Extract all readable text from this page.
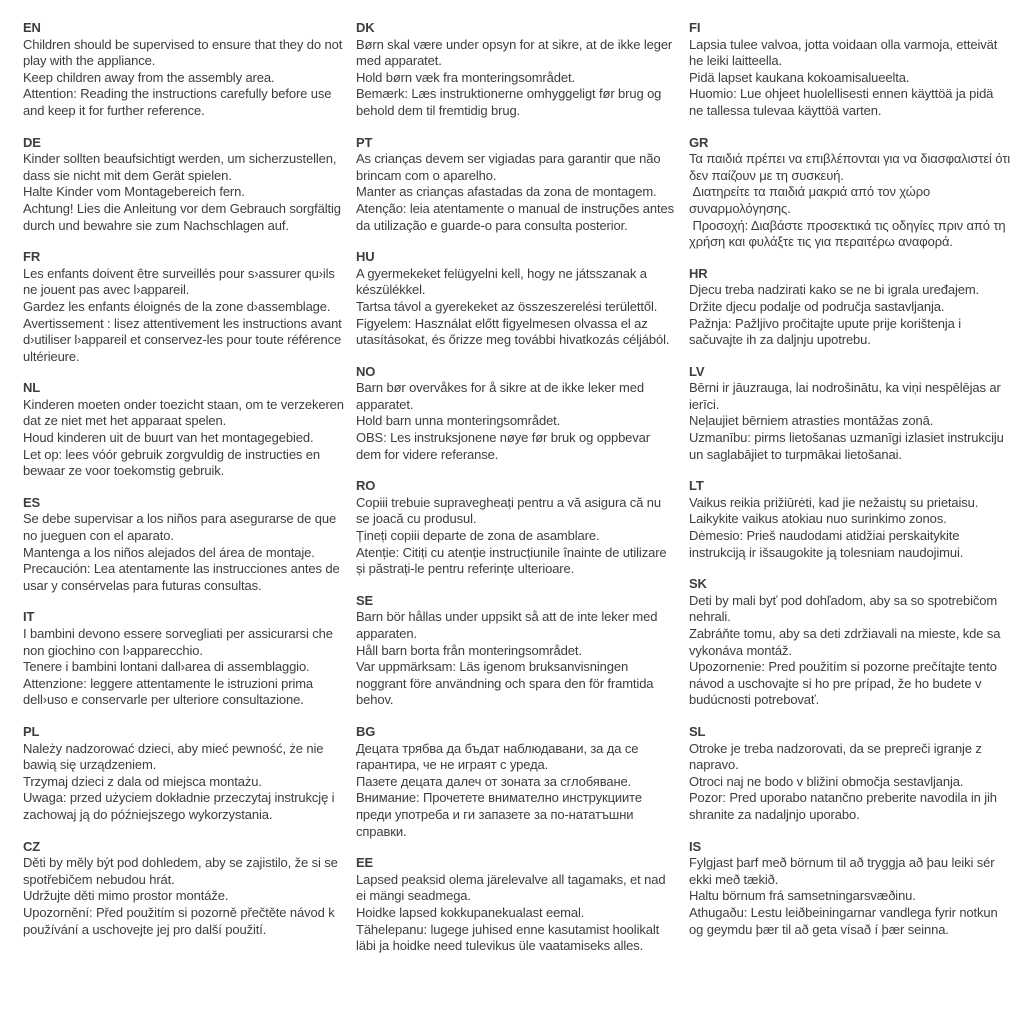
EN
Children should be supervised to ensure that they do not play with the appliance.
Keep children away from the assembly area.
Attention: Reading the instructions carefully before use and keep it for further reference.
DE
Kinder sollten beaufsichtigt werden, um sicherzustellen, dass sie nicht mit dem Gerät spielen.
Halte Kinder vom Montagebereich fern.
Achtung! Lies die Anleitung vor dem Gebrauch sorgfältig durch und bewahre sie zum Nachschlagen auf.
FR
Les enfants doivent être surveillés pour s›assurer qu›ils ne jouent pas avec l›appareil.
Gardez les enfants éloignés de la zone d›assemblage.
Avertissement : lisez attentivement les instructions avant d›utiliser l›appareil et conservez-les pour toute référence ultérieure.
NL
Kinderen moeten onder toezicht staan, om te verzekeren dat ze niet met het apparaat spelen.
Houd kinderen uit de buurt van het montagegebied.
Let op: lees vóór gebruik zorgvuldig de instructies en bewaar ze voor toekomstig gebruik.
ES
Se debe supervisar a los niños para asegurarse de que no jueguen con el aparato.
Mantenga a los niños alejados del área de montaje.
Precaución: Lea atentamente las instrucciones antes de usar y consérvelas para futuras consultas.
IT
I bambini devono essere sorvegliati per assicurarsi che non giochino con l›apparecchio.
Tenere i bambini lontani dall›area di assemblaggio.
Attenzione: leggere attentamente le istruzioni prima dell›uso e conservarle per ulteriore consultazione.
PL
Należy nadzorować dzieci, aby mieć pewność, że nie bawią się urządzeniem.
Trzymaj dzieci z dala od miejsca montażu.
Uwaga: przed użyciem dokładnie przeczytaj instrukcję i zachowaj ją do późniejszego wykorzystania.
CZ
Děti by měly být pod dohledem, aby se zajistilo, že si se spotřebičem nebudou hrát.
Udržujte děti mimo prostor montáže.
Upozornění: Před použitím si pozorně přečtěte návod k používání a uschovejte jej pro další použití.
DK
Børn skal være under opsyn for at sikre, at de ikke leger med apparatet.
Hold børn væk fra monteringsområdet.
Bemærk: Læs instruktionerne omhyggeligt før brug og behold dem til fremtidig brug.
PT
As crianças devem ser vigiadas para garantir que não brincam com o aparelho.
Manter as crianças afastadas da zona de montagem.
Atenção: leia atentamente o manual de instruções antes da utilização e guarde-o para consulta posterior.
HU
A gyermekeket felügyelni kell, hogy ne játsszanak a készülékkel.
Tartsa távol a gyerekeket az összeszerelési területtől.
Figyelem: Használat előtt figyelmesen olvassa el az utasításokat, és őrizze meg további hivatkozás céljából.
NO
Barn bør overvåkes for å sikre at de ikke leker med apparatet.
Hold barn unna monteringsområdet.
OBS: Les instruksjonene nøye før bruk og oppbevar dem for videre referanse.
RO
Copiii trebuie supravegheați pentru a vă asigura că nu se joacă cu produsul.
Țineți copiii departe de zona de asamblare.
Atenție: Citiți cu atenție instrucțiunile înainte de utilizare și păstrați-le pentru referințe ulterioare.
SE
Barn bör hållas under uppsikt så att de inte leker med apparaten.
Håll barn borta från monteringsområdet.
Var uppmärksam: Läs igenom bruksanvisningen noggrant före användning och spara den för framtida behov.
BG
Децата трябва да бъдат наблюдавани, за да се гарантира, че не играят с уреда.
Пазете децата далеч от зоната за сглобяване.
Внимание: Прочетете внимателно инструкциите преди употреба и ги запазете за по-нататъшни справки.
EE
Lapsed peaksid olema järelevalve all tagamaks, et nad ei mängi seadmega.
Hoidke lapsed kokkupanekualast eemal.
Tähelepanu: lugege juhised enne kasutamist hoolikalt läbi ja hoidke need tulevikus üle vaatamiseks alles.
FI
Lapsia tulee valvoa, jotta voidaan olla varmoja, etteivät he leiki laitteella.
Pidä lapset kaukana kokoamisalueelta.
Huomio: Lue ohjeet huolellisesti ennen käyttöä ja pidä ne tallessa tulevaa käyttöä varten.
GR
Τα παιδιά πρέπει να επιβλέπονται για να διασφαλιστεί ότι δεν παίζουν με τη συσκευή.
Διατηρείτε τα παιδιά μακριά από τον χώρο συναρμολόγησης.
Προσοχή: Διαβάστε προσεκτικά τις οδηγίες πριν από τη χρήση και φυλάξτε τις για περαιτέρω αναφορά.
HR
Djecu treba nadzirati kako se ne bi igrala uređajem.
Držite djecu podalje od područja sastavljanja.
Pažnja: Pažljivo pročitajte upute prije korištenja i sačuvajte ih za daljnju upotrebu.
LV
Bērni ir jāuzrauga, lai nodrošinātu, ka viņi nespēlējas ar ierīci.
Neļaujiet bērniem atrasties montāžas zonā.
Uzmanību: pirms lietošanas uzmanīgi izlasiet instrukciju un saglabājiet to turpmākai lietošanai.
LT
Vaikus reikia prižiūrėti, kad jie nežaistų su prietaisu.
Laikykite vaikus atokiau nuo surinkimo zonos.
Dėmesio: Prieš naudodami atidžiai perskaitykite instrukciją ir išsaugokite ją tolesniam naudojimui.
SK
Deti by mali byť pod dohľadom, aby sa so spotrebičom nehrali.
Zabráňte tomu, aby sa deti zdržiavali na mieste, kde sa vykonáva montáž.
Upozornenie: Pred použitím si pozorne prečítajte tento návod a uschovajte si ho pre prípad, že ho budete v budúcnosti potrebovať.
SL
Otroke je treba nadzorovati, da se prepreči igranje z napravo.
Otroci naj ne bodo v bližini območja sestavljanja.
Pozor: Pred uporabo natančno preberite navodila in jih shranite za nadaljnjo uporabo.
IS
Fylgjast þarf með börnum til að tryggja að þau leiki sér ekki með tækið.
Haltu börnum frá samsetningarsvæðinu.
Athugaðu: Lestu leiðbeiningarnar vandlega fyrir notkun og geymdu þær til að geta vísað í þær seinna.
